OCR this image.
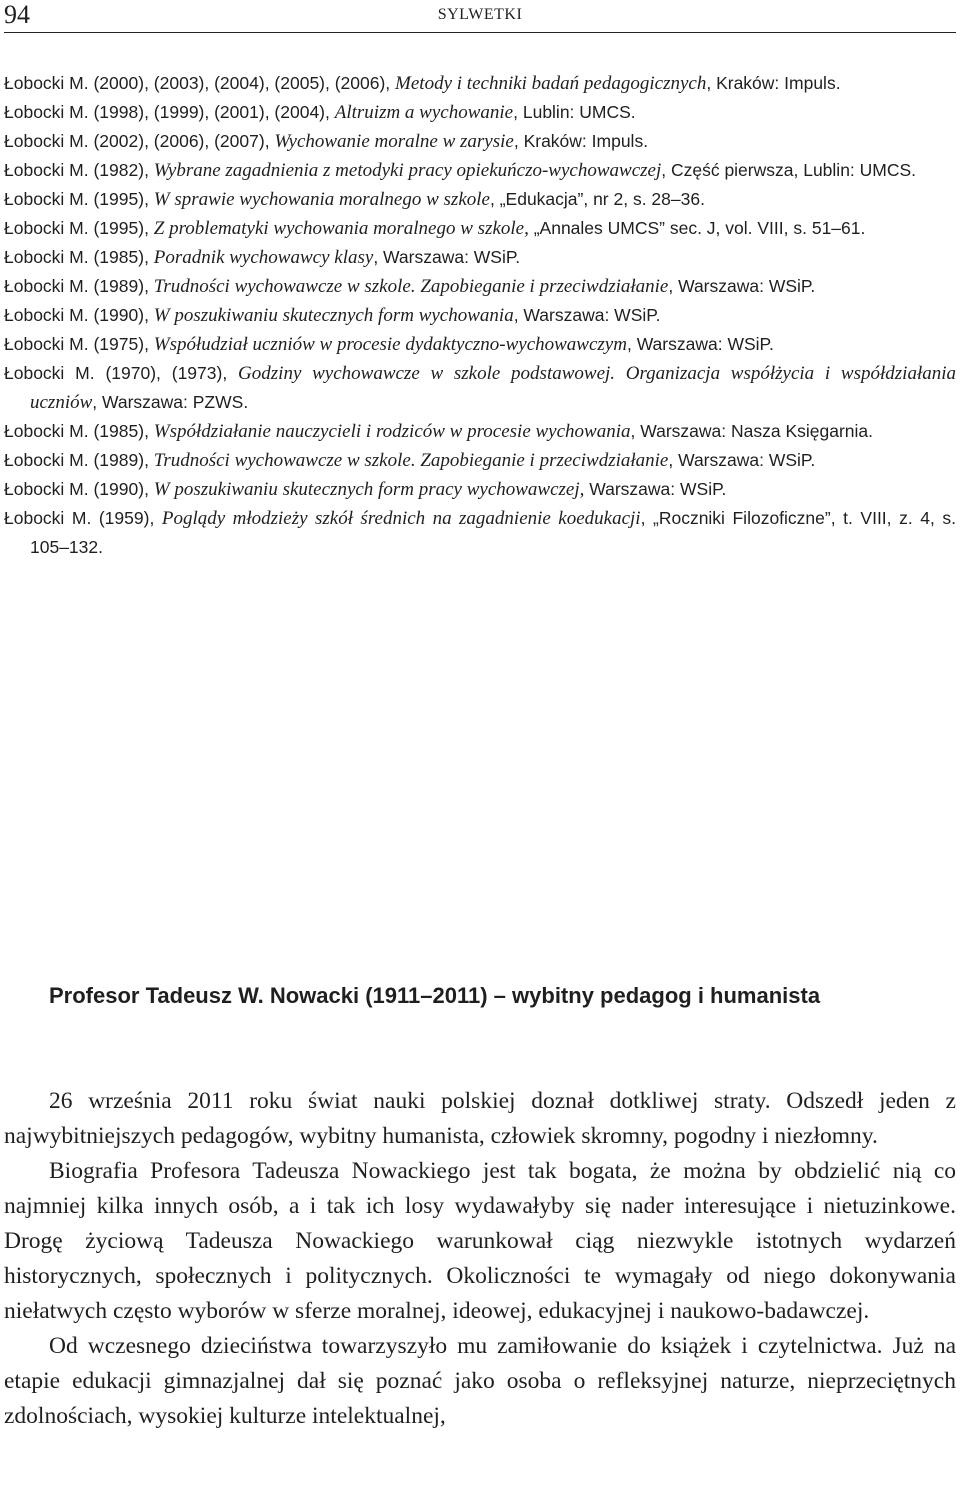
94	SYLWETKI
Łobocki M. (2000), (2003), (2004), (2005), (2006), Metody i techniki badań pedagogicznych, Kraków: Impuls.
Łobocki M. (1998), (1999), (2001), (2004), Altruizm a wychowanie, Lublin: UMCS.
Łobocki M. (2002), (2006), (2007), Wychowanie moralne w zarysie, Kraków: Impuls.
Łobocki M. (1982), Wybrane zagadnienia z metodyki pracy opiekuńczo-wychowawczej, Część pierwsza, Lublin: UMCS.
Łobocki M. (1995), W sprawie wychowania moralnego w szkole, „Edukacja”, nr 2, s. 28–36.
Łobocki M. (1995), Z problematyki wychowania moralnego w szkole, „Annales UMCS” sec. J, vol. VIII, s. 51–61.
Łobocki M. (1985), Poradnik wychowawcy klasy, Warszawa: WSiP.
Łobocki M. (1989), Trudności wychowawcze w szkole. Zapobieganie i przeciwdziałanie, Warszawa: WSiP.
Łobocki M. (1990), W poszukiwaniu skutecznych form wychowania, Warszawa: WSiP.
Łobocki M. (1975), Współudział uczniów w procesie dydaktyczno-wychowawczym, Warszawa: WSiP.
Łobocki M. (1970), (1973), Godziny wychowawcze w szkole podstawowej. Organizacja współżycia i współdziałania uczniów, Warszawa: PZWS.
Łobocki M. (1985), Współdziałanie nauczycieli i rodziców w procesie wychowania, Warszawa: Nasza Księgarnia.
Łobocki M. (1989), Trudności wychowawcze w szkole. Zapobieganie i przeciwdziałanie, Warszawa: WSiP.
Łobocki M. (1990), W poszukiwaniu skutecznych form pracy wychowawczej, Warszawa: WSiP.
Łobocki M. (1959), Poglądy młodzieży szkół średnich na zagadnienie koedukacji, „Roczniki Filozoficzne”, t. VIII, z. 4, s. 105–132.
Profesor Tadeusz W. Nowacki (1911–2011) – wybitny pedagog i humanista

26 września 2011 roku świat nauki polskiej doznał dotkliwej straty. Odszedł jeden z najwybitniejszych pedagogów, wybitny humanista, człowiek skromny, pogodny i niezłomny.

Biografia Profesora Tadeusza Nowackiego jest tak bogata, że można by obdzielić nią co najmniej kilka innych osób, a i tak ich losy wydawałyby się nader interesujące i nietuzinkowe. Drogę życiową Tadeusza Nowackiego warunkował ciąg niezwykle istotnych wydarzeń historycznych, społecznych i politycznych. Okoliczności te wymagały od niego dokonywania niełatwych często wyborów w sferze moralnej, ideowej, edukacyjnej i naukowo-badawczej.

Od wczesnego dzieciństwa towarzyszyło mu zamiłowanie do książek i czytelnictwa. Już na etapie edukacji gimnazjalnej dał się poznać jako osoba o refleksyjnej naturze, nieprzeciętnych zdolnościach, wysokiej kulturze intelektualnej,
